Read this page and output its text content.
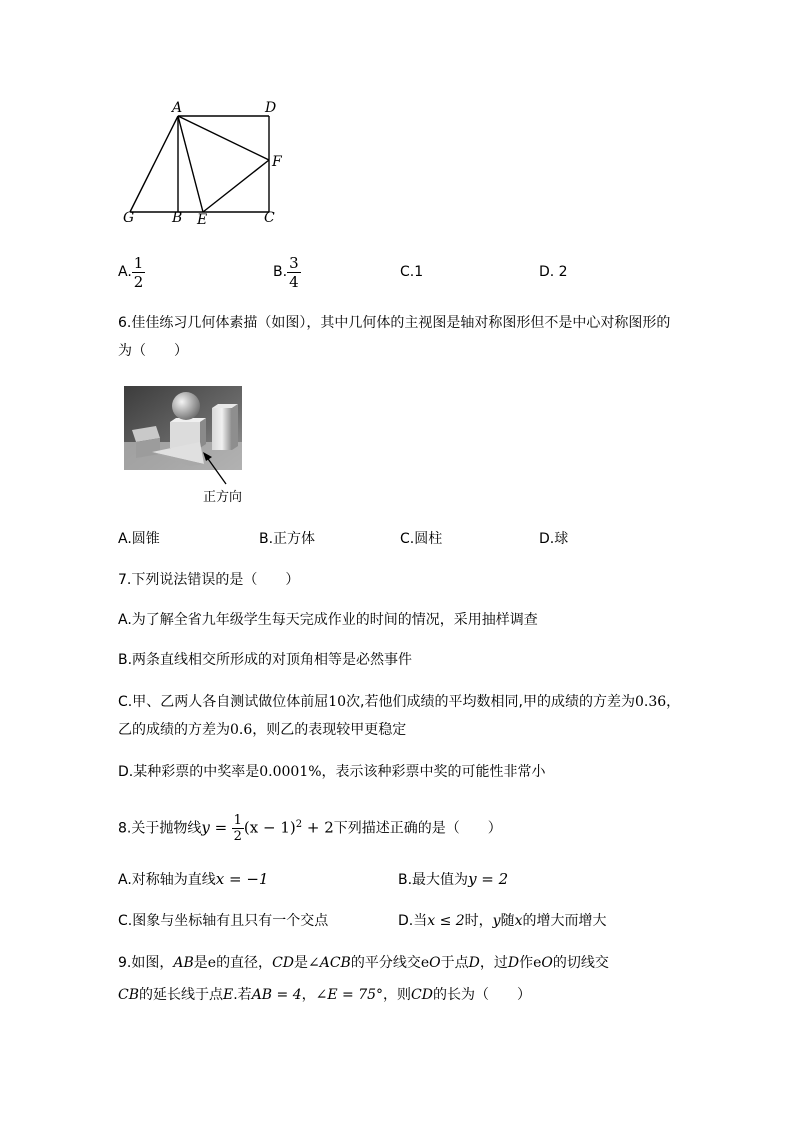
A	D
F
G	B E	C
A. $\frac{1}{2}$	B. $\frac{3}{4}$	C.1	D. 2
6.佳佳练习几何体素描（如图），其中几何体的主视图是轴对称图形但不是中心对称图形的
为（　　）
正方向
A.圆锥	B.正方体	C.圆柱	D.球
7.下列说法错误的是（　　）
A.为了解全省九年级学生每天完成作业的时间的情况，采用抽样调查
B.两条直线相交所形成的对顶角相等是必然事件
C.甲、乙两人各自测试做位体前屈10次,若他们成绩的平均数相同,甲的成绩的方差为0.36，
乙的成绩的方差为0.6，则乙的表现较甲更稳定
D.某种彩票的中奖率是0.0001%，表示该种彩票中奖的可能性非常小
8.关于抛物线$y = \frac{1}{2} (x - 1)^2 + 2$下列描述正确的是（　　）
A.对称轴为直线x = −1	B.最大值为y = 2
C.图象与坐标轴有且只有一个交点	D.当x ≤ 2时，y随x的增大而增大
9.如图，AB是e的直径，CD是∠ACB的平分线交eO于点D，过D作eO的切线交
CB的延长线于点E.若AB = 4，∠E = 75°，则CD的长为（　　）
